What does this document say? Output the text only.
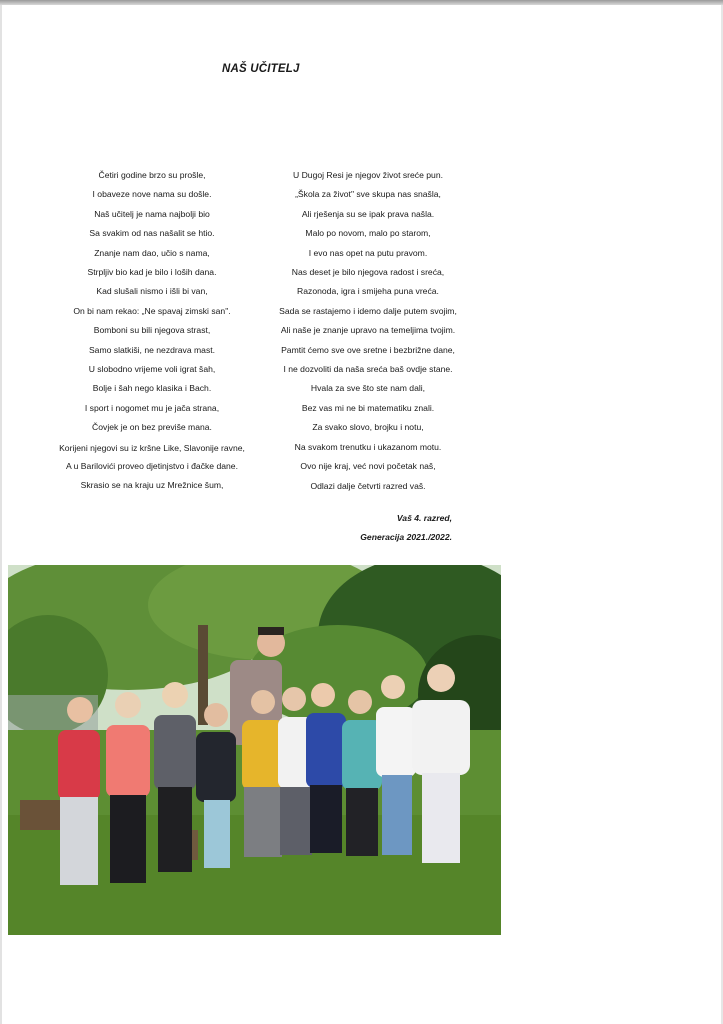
NAŠ UČITELJ
Četiri godine brzo su prošle,
I obaveze nove nama su došle.
Naš učitelj je nama najbolji bio
Sa svakim od nas našalit se htio.
Znanje nam dao, učio s nama,
Strpljiv bio kad je bilo i loših dana.
Kad slušali nismo i išli bi van,
On bi nam rekao: „Ne spavaj zimski san".
Bomboni su bili njegova strast,
Samo slatkiši, ne nezdrava mast.
U slobodno vrijeme voli igrat šah,
Bolje i šah nego klasika i Bach.
I sport i nogomet mu je jača strana,
Čovjek je on bez previše mana.
Korijeni njegovi su iz kršne Like, Slavonije ravne,
A u Barilovići proveo djetinjstvo i đačke dane.
Skrasio se na kraju uz Mrežnice šum,
U Dugoj Resi je njegov život sreće pun.
„Škola za život" sve skupa nas snašla,
Ali rješenja su se ipak prava našla.
Malo po novom, malo po starom,
I evo nas opet na putu pravom.
Nas deset je bilo njegova radost i sreća,
Razonoda, igra i smijeha puna vreća.
Sada se rastajemo i idemo dalje putem svojim,
Ali naše je znanje upravo na temeljima tvojim.
Pamtit ćemo sve ove sretne i bezbrižne dane,
I ne dozvoliti da naša sreća baš ovdje stane.
Hvala za sve što ste nam dali,
Bez vas mi ne bi matematiku znali.
Za svako slovo, brojku i notu,
Na svakom trenutku i ukazanom motu.
Ovo nije kraj, već novi početak naš,
Odlazi dalje četvrti razred vaš.
Vaš 4. razred,
Generacija 2021./2022.
